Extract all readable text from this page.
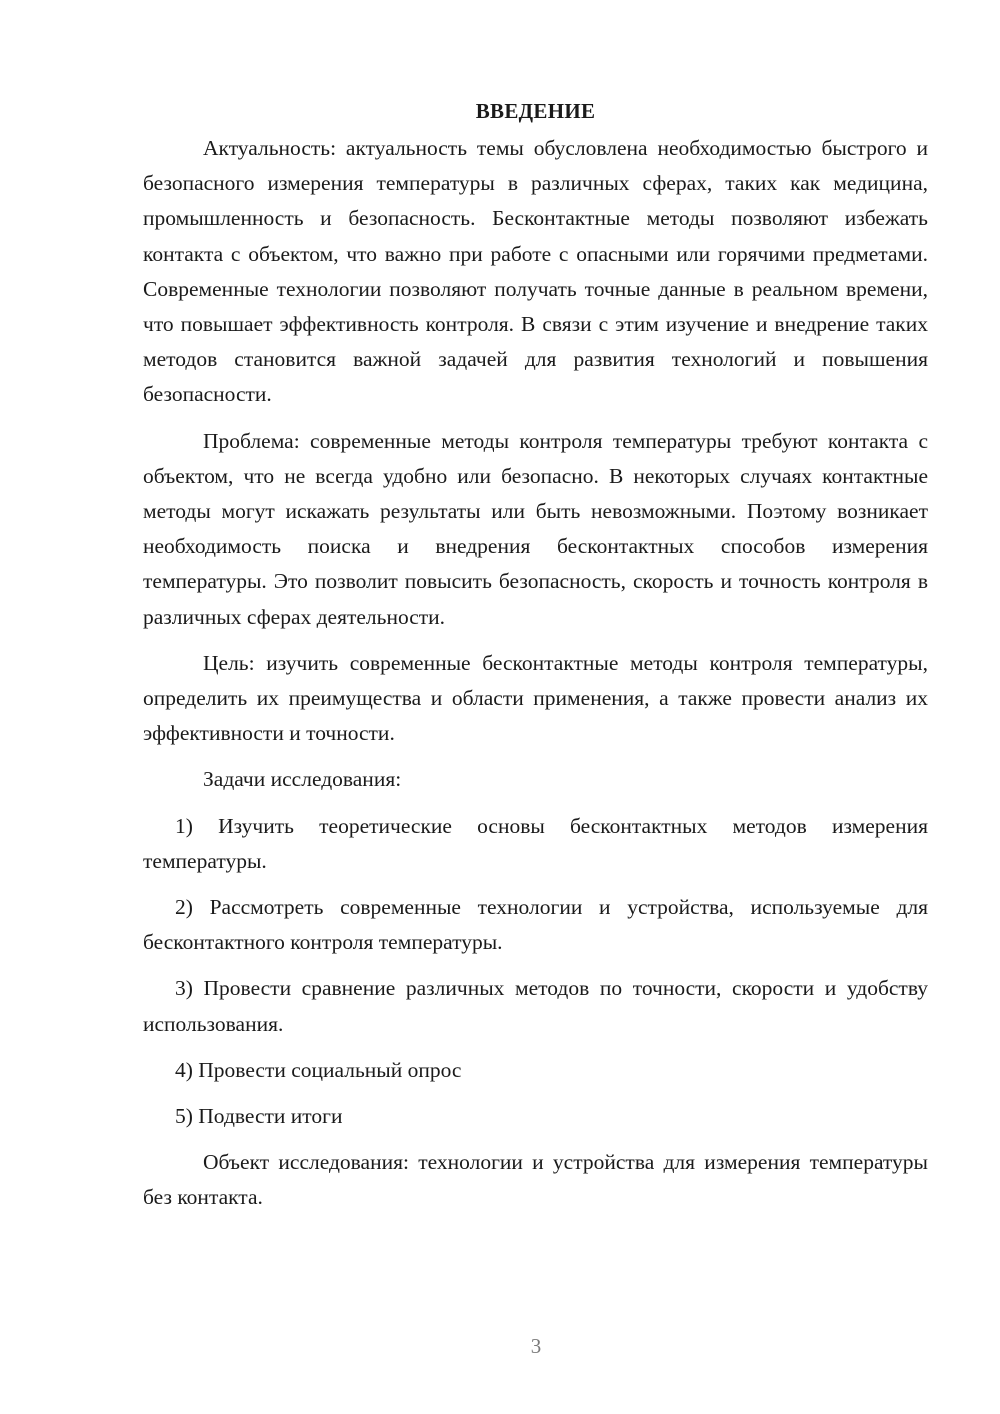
ВВЕДЕНИЕ

Актуальность: актуальность темы обусловлена необходимостью быстрого и безопасного измерения температуры в различных сферах, таких как медицина, промышленность и безопасность. Бесконтактные методы позволяют избежать контакта с объектом, что важно при работе с опасными или горячими предметами. Современные технологии позволяют получать точные данные в реальном времени, что повышает эффективность контроля. В связи с этим изучение и внедрение таких методов становится важной задачей для развития технологий и повышения безопасности.

Проблема: современные методы контроля температуры требуют контакта с объектом, что не всегда удобно или безопасно. В некоторых случаях контактные методы могут искажать результаты или быть невозможными. Поэтому возникает необходимость поиска и внедрения бесконтактных способов измерения температуры. Это позволит повысить безопасность, скорость и точность контроля в различных сферах деятельности.

Цель: изучить современные бесконтактные методы контроля температуры, определить их преимущества и области применения, а также провести анализ их эффективности и точности.

Задачи исследования:

1) Изучить теоретические основы бесконтактных методов измерения температуры.

2) Рассмотреть современные технологии и устройства, используемые для бесконтактного контроля температуры.

3) Провести сравнение различных методов по точности, скорости и удобству использования.

4) Провести социальный опрос

5) Подвести итоги

Объект исследования: технологии и устройства для измерения температуры без контакта.

3
